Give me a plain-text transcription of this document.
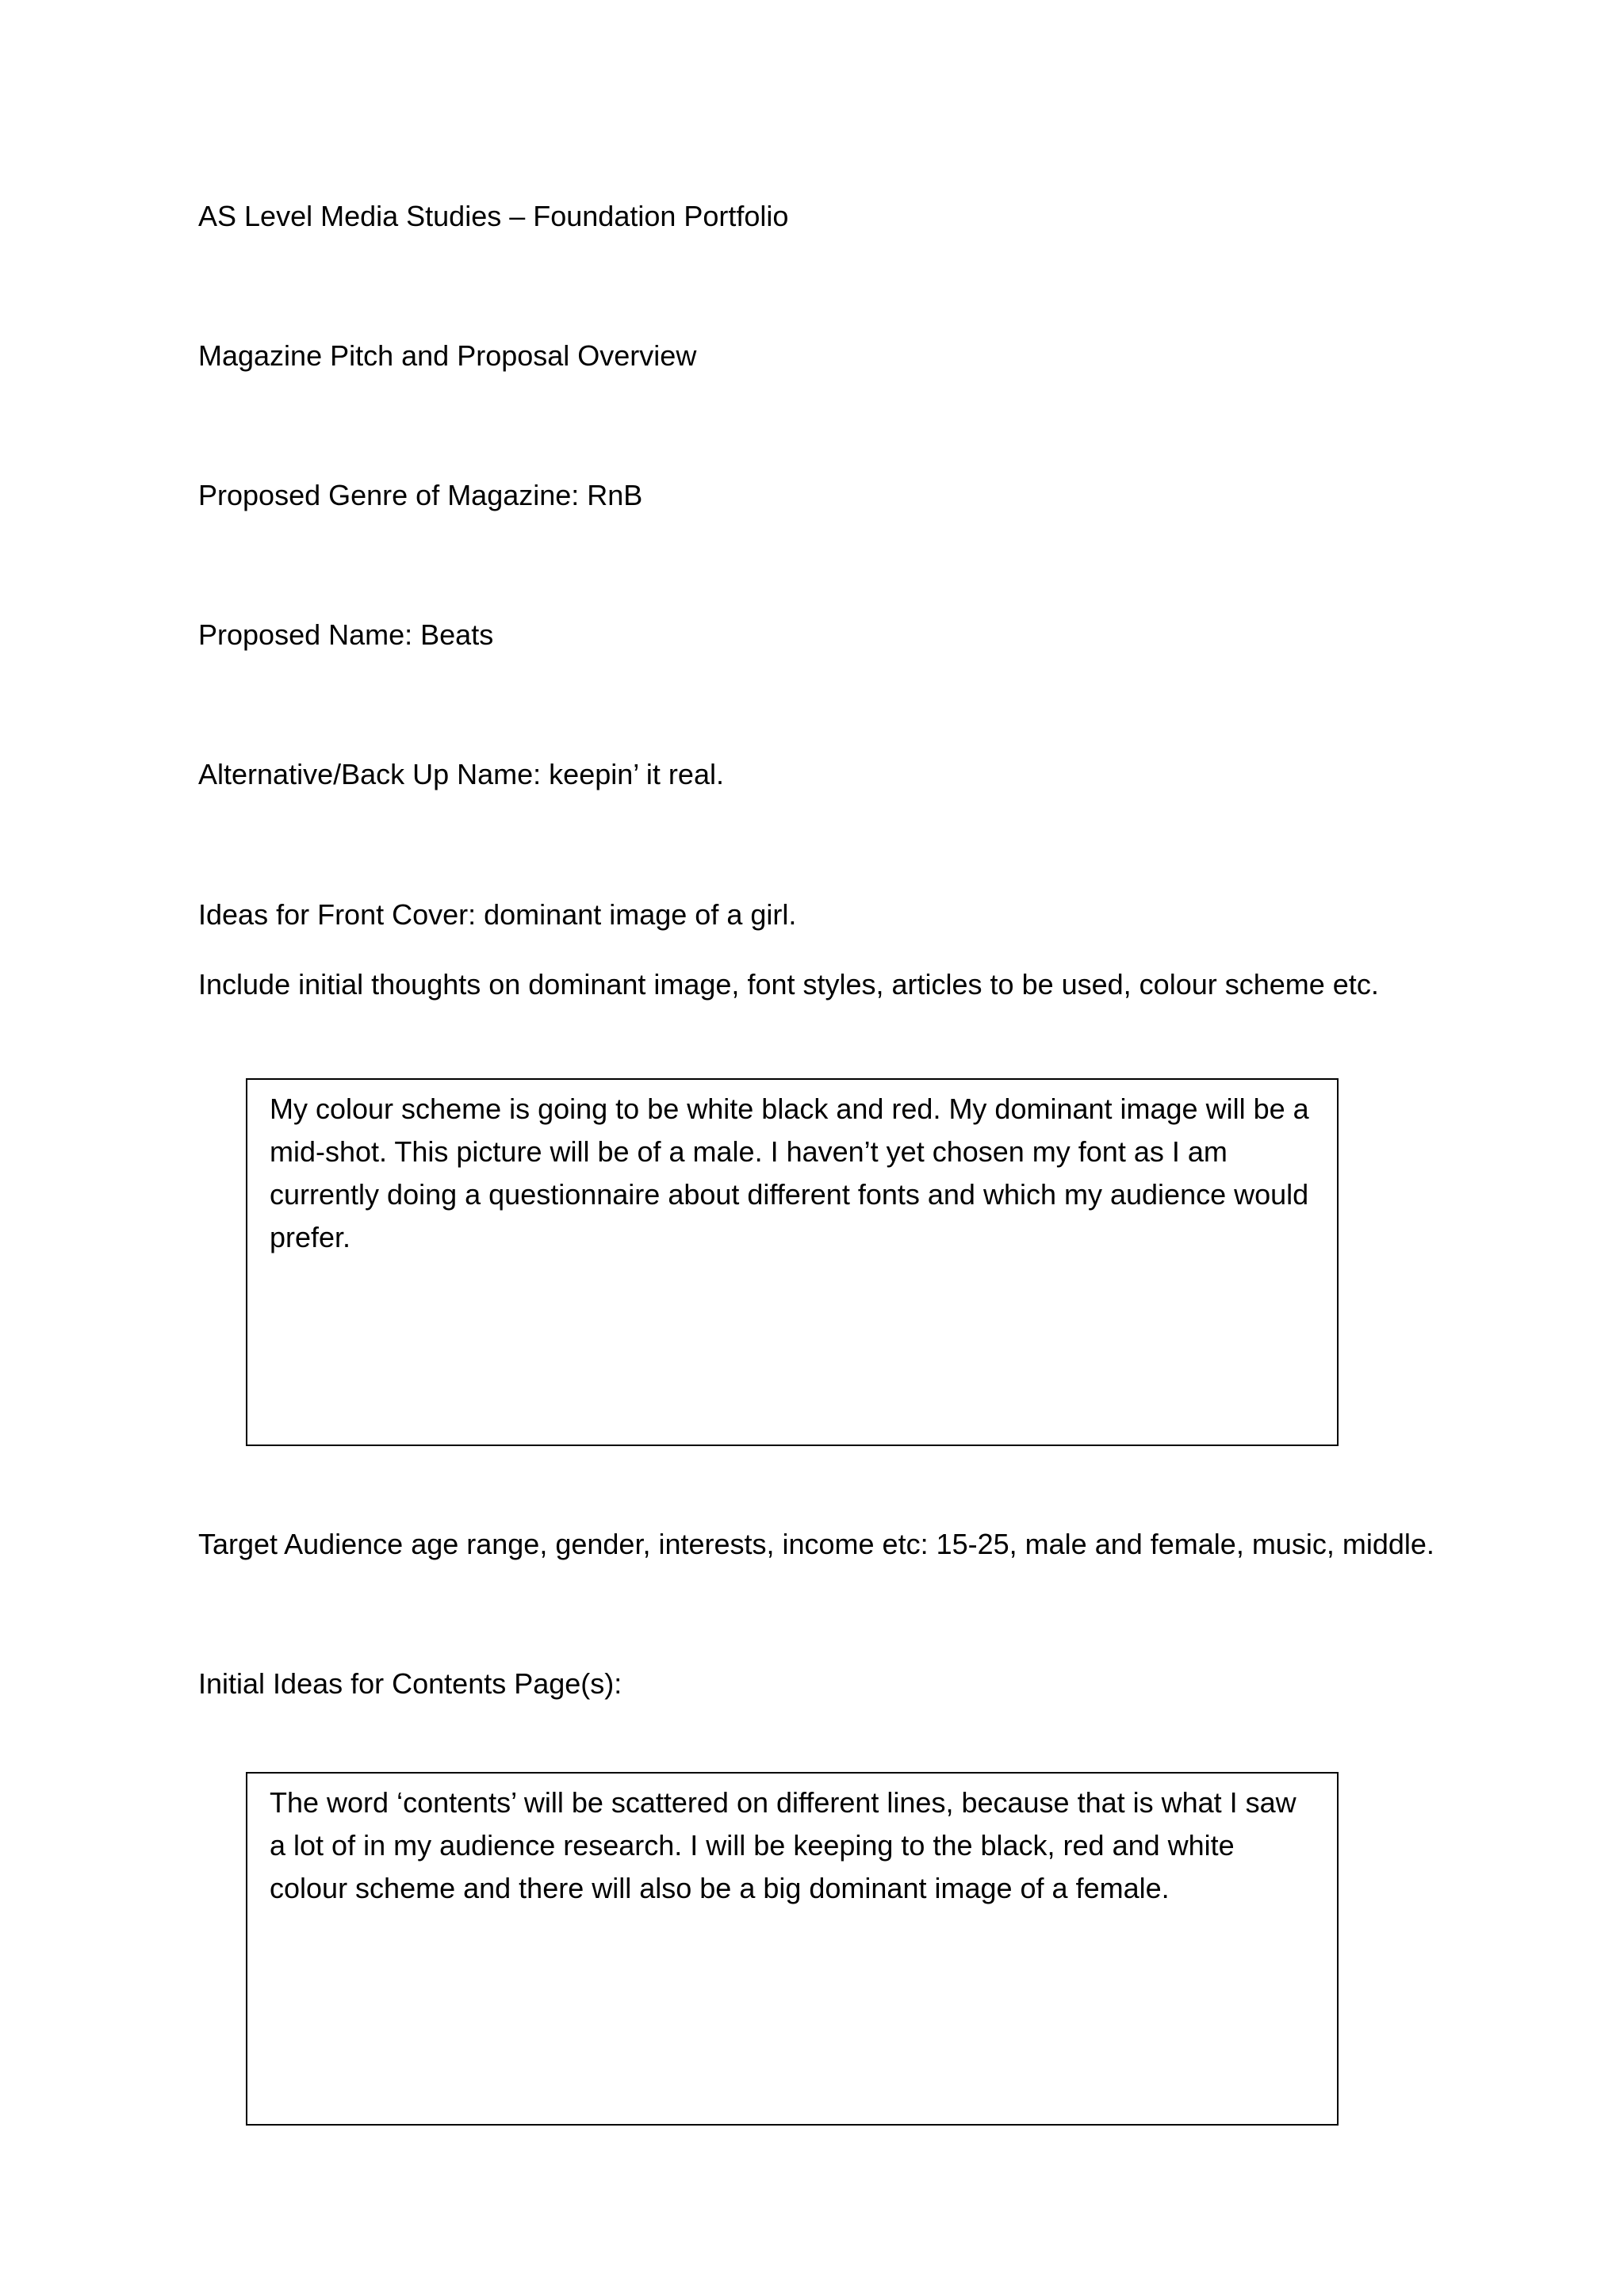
AS Level Media Studies – Foundation Portfolio

Magazine Pitch and Proposal Overview

Proposed Genre of Magazine: RnB

Proposed Name: Beats

Alternative/Back Up Name: keepin’ it real.

Ideas for Front Cover: dominant image of a girl.

Include initial thoughts on dominant image, font styles, articles to be used, colour scheme etc.

My colour scheme is going to be white black and red. My dominant image will be a mid-shot. This picture will be of a male. I haven’t yet chosen my font as I am currently doing a questionnaire about different fonts and which my audience would prefer.

Target Audience age range, gender, interests, income etc: 15-25, male and female, music, middle.

Initial Ideas for Contents Page(s):

The word ‘contents’ will be scattered on different lines, because that is what I saw a lot of in my audience research. I will be keeping to the black, red and white colour scheme and there will also be a big dominant image of a female.
